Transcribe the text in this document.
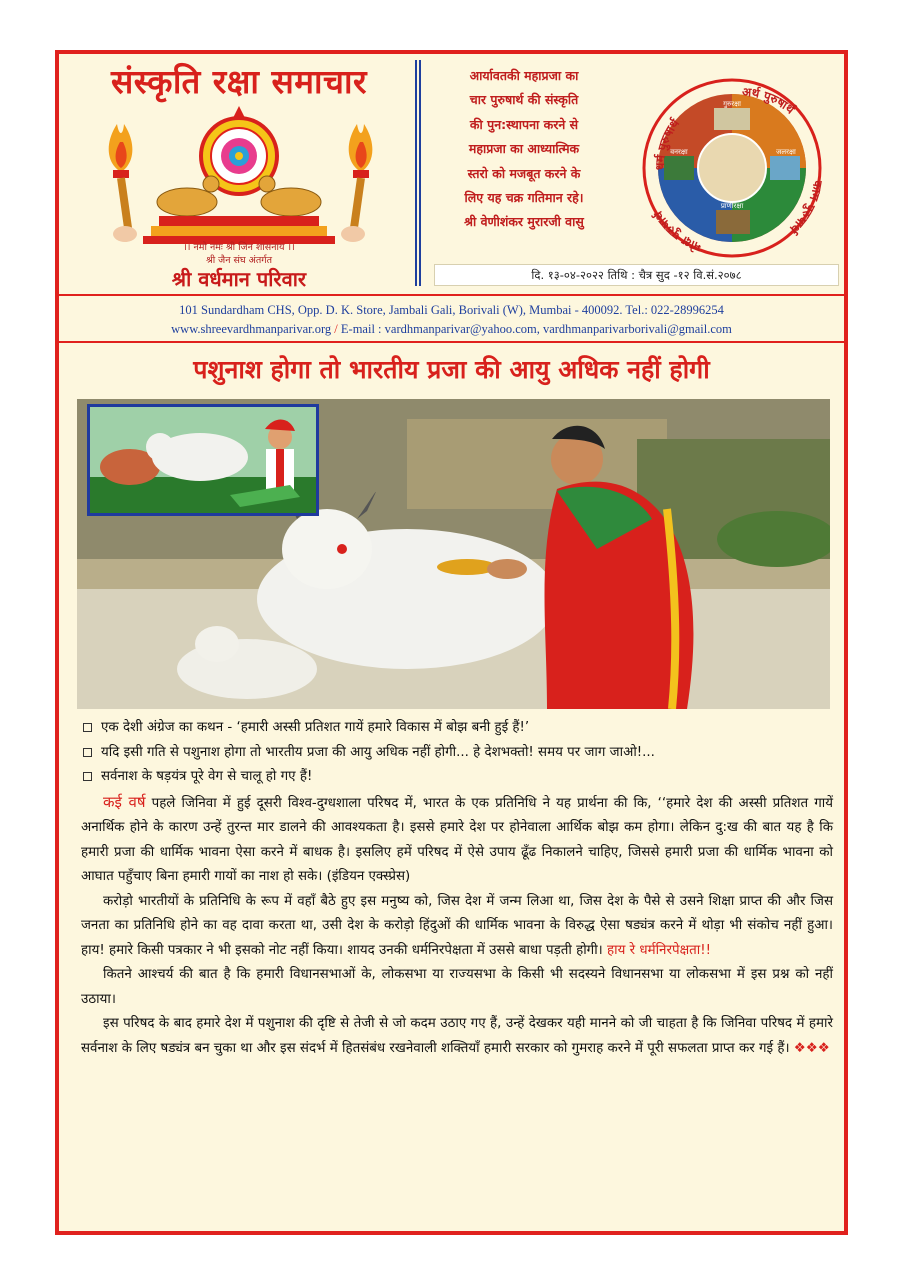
संस्कृति रक्षा समाचार
।। नमो नमः श्री जिन शासनाय ।।
श्री जैन संघ अंतर्गत
श्री वर्धमान परिवार
आर्यावतकी महाप्रजा का
चार पुरुषार्थ की संस्कृति
की पुन:स्थापना करने से
महाप्रजा का आध्यात्मिक
स्तरो को मजबूत करने के
लिए यह चक्र गतिमान रहे।
श्री वेणीशंकर मुरारजी वासु
धर्म पुरुषार्थ
अर्थ पुरुषार्थ
काम पुरुषार्थ
मोक्ष पुरुषार्थ
गुरुरक्षा
जलरक्षा
प्राणीरक्षा
वनरक्षा
दि. १३-०४-२०२२ तिथि : चैत्र सुद -१२ वि.सं.२०७८
101 Sundardham CHS, Opp. D. K. Store, Jambali Gali, Borivali (W), Mumbai - 400092. Tel.: 022-28996254
www.shreevardhmanparivar.org / E-mail : vardhmanparivar@yahoo.com, vardhmanparivarborivali@gmail.com
पशुनाश होगा तो भारतीय प्रजा की आयु अधिक नहीं होगी
एक देशी अंग्रेज का कथन - ‘हमारी अस्सी प्रतिशत गायें हमारे विकास में बोझ बनी हुई हैं!’
यदि इसी गति से पशुनाश होगा तो भारतीय प्रजा की आयु अधिक नहीं होगी... हे देशभक्तो! समय पर जाग जाओ!...
सर्वनाश के षड़यंत्र पूरे वेग से चालू हो गए हैं!
कई वर्ष पहले जिनिवा में हुई दूसरी विश्व-दुग्धशाला परिषद में, भारत के एक प्रतिनिधि ने यह प्रार्थना की कि, ‘‘हमारे देश की अस्सी प्रतिशत गायें अनार्थिक होने के कारण उन्हें तुरन्त मार डालने की आवश्यकता है। इससे हमारे देश पर होनेवाला आर्थिक बोझ कम होगा। लेकिन दु:ख की बात यह है कि हमारी प्रजा की धार्मिक भावना ऐसा करने में बाधक है। इसलिए हमें परिषद में ऐसे उपाय ढूँढ निकालने चाहिए, जिससे हमारी प्रजा की धार्मिक भावना को आघात पहुँचाए बिना हमारी गायों का नाश हो सके। (इंडियन एक्स्प्रेस)
करोड़ो भारतीयों के प्रतिनिधि के रूप में वहाँ बैठे हुए इस मनुष्य को, जिस देश में जन्म लिआ था, जिस देश के पैसे से उसने शिक्षा प्राप्त की और जिस जनता का प्रतिनिधि होने का वह दावा करता था, उसी देश के करोड़ो हिंदुओं की धार्मिक भावना के विरुद्ध ऐसा षड्यंत्र करने में थोड़ा भी संकोच नहीं हुआ। हाय! हमारे किसी पत्रकार ने भी इसको नोट नहीं किया। शायद उनकी धर्मनिरपेक्षता में उससे बाधा पड़ती होगी। हाय रे धर्मनिरपेक्षता!!
कितने आश्चर्य की बात है कि हमारी विधानसभाओं के, लोकसभा या राज्यसभा के किसी भी सदस्यने विधानसभा या लोकसभा में इस प्रश्न को नहीं उठाया।
इस परिषद के बाद हमारे देश में पशुनाश की दृष्टि से तेजी से जो कदम उठाए गए हैं, उन्हें देखकर यही मानने को जी चाहता है कि जिनिवा परिषद में हमारे सर्वनाश के लिए षड्यंत्र बन चुका था और इस संदर्भ में हितसंबंध रखनेवाली शक्तियाँ हमारी सरकार को गुमराह करने में पूरी सफलता प्राप्त कर गई हैं। ❖❖❖
